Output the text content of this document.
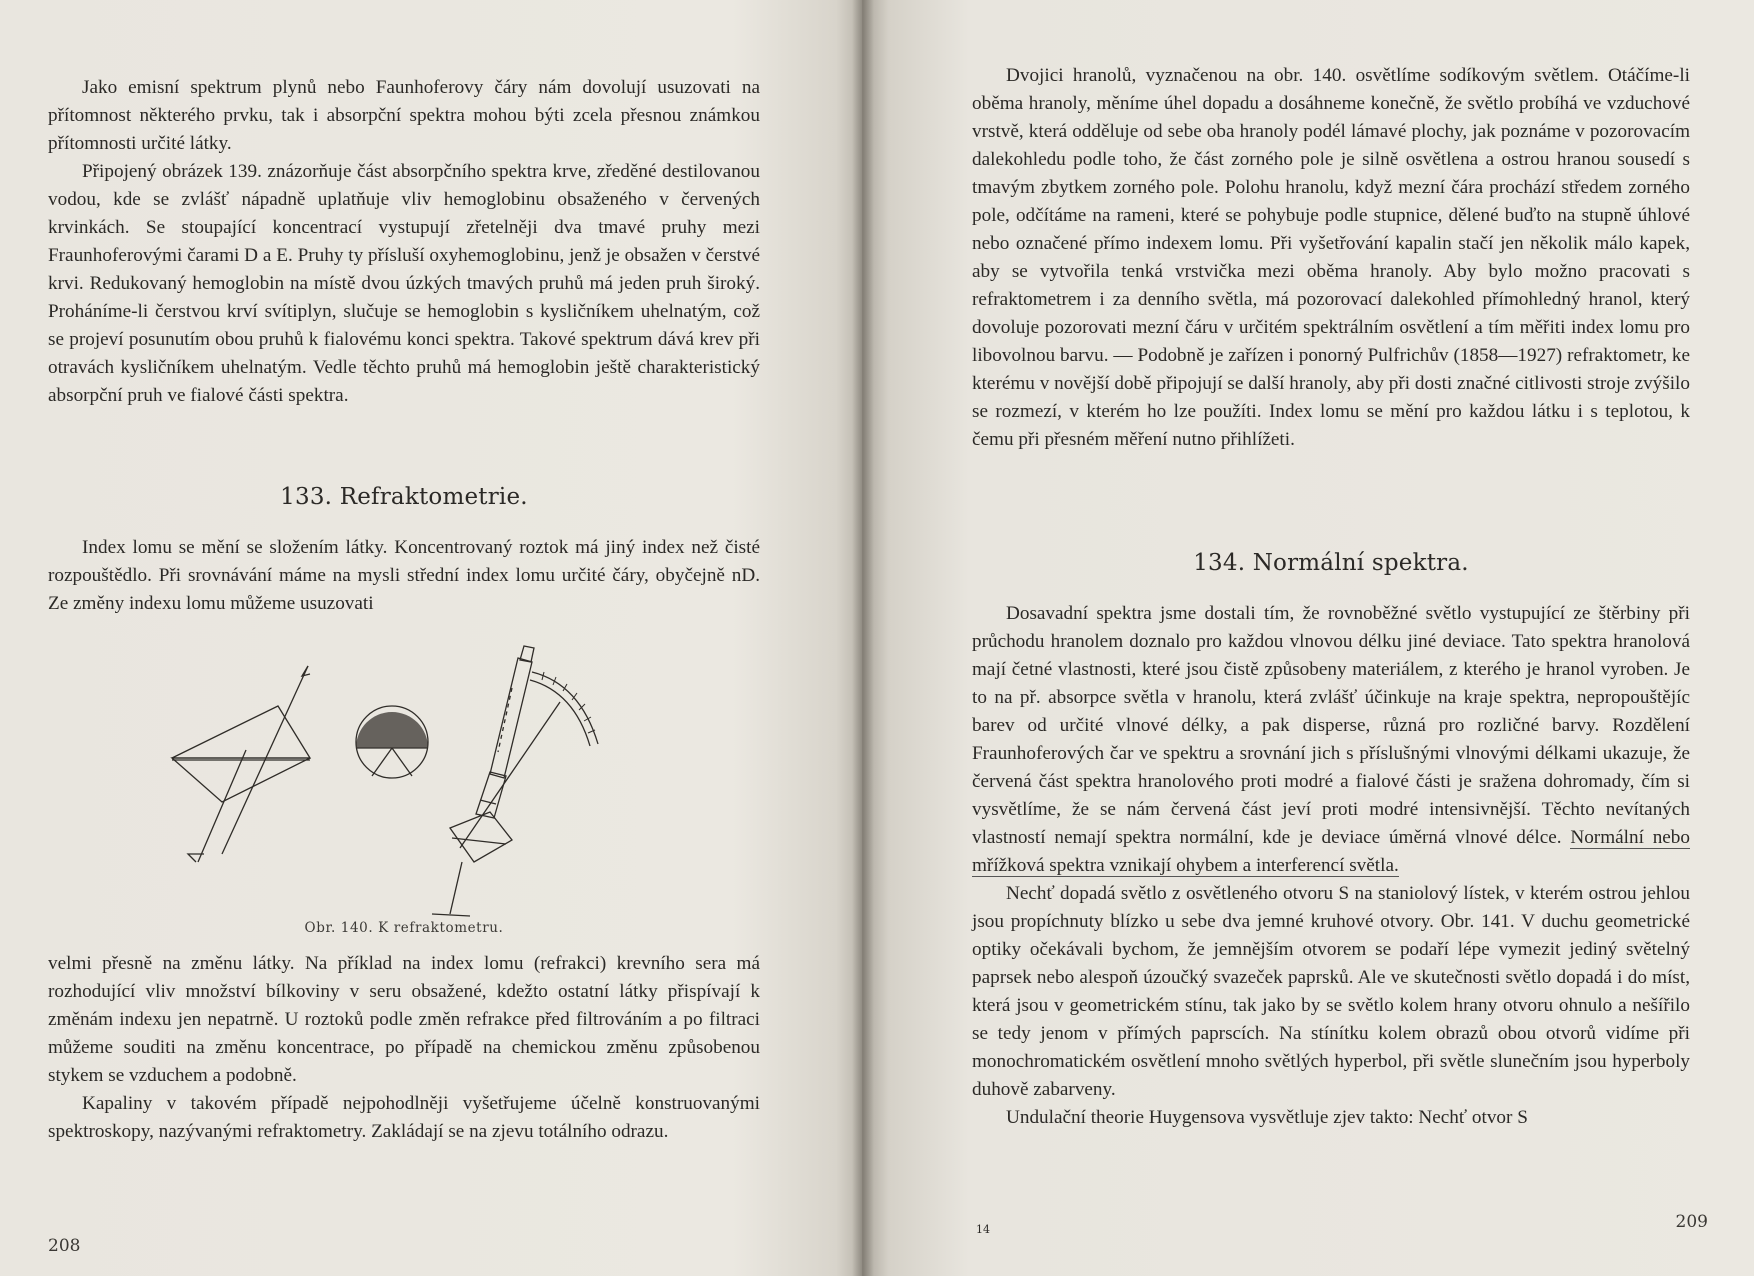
Jako emisní spektrum plynů nebo Faunhoferovy čáry nám dovolují usuzovati na přítomnost některého prvku, tak i absorpční spektra mohou býti zcela přesnou známkou přítomnosti určité látky.

Připojený obrázek 139. znázorňuje část absorpčního spektra krve, zředěné destilovanou vodou, kde se zvlášť nápadně uplatňuje vliv hemoglobinu obsaženého v červených krvinkách. Se stoupající koncentrací vystupují zřetelněji dva tmavé pruhy mezi Fraunhoferovými čarami D a E. Pruhy ty přísluší oxyhemoglobinu, jenž je obsažen v čerstvé krvi. Redukovaný hemoglobin na místě dvou úzkých tmavých pruhů má jeden pruh široký. Proháníme-li čerstvou krví svítiplyn, slučuje se hemoglobin s kysličníkem uhelnatým, což se projeví posunutím obou pruhů k fialovému konci spektra. Takové spektrum dává krev při otravách kysličníkem uhelnatým. Vedle těchto pruhů má hemoglobin ještě charakteristický absorpční pruh ve fialové části spektra.

133. Refraktometrie.

Index lomu se mění se složením látky. Koncentrovaný roztok má jiný index než čisté rozpouštědlo. Při srovnávání máme na mysli střední index lomu určité čáry, obyčejně nD. Ze změny indexu lomu můžeme usuzovati

Obr. 140. K refraktometru.

velmi přesně na změnu látky. Na příklad na index lomu (refrakci) krevního sera má rozhodující vliv množství bílkoviny v seru obsažené, kdežto ostatní látky přispívají k změnám indexu jen nepatrně. U roztoků podle změn refrakce před filtrováním a po filtraci můžeme souditi na změnu koncentrace, po případě na chemickou změnu způsobenou stykem se vzduchem a podobně.

Kapaliny v takovém případě nejpohodlněji vyšetřujeme účelně konstruovanými spektroskopy, nazývanými refraktometry. Zakládají se na zjevu totálního odrazu.

208

Dvojici hranolů, vyznačenou na obr. 140. osvětlíme sodíkovým světlem. Otáčíme-li oběma hranoly, měníme úhel dopadu a dosáhneme konečně, že světlo probíhá ve vzduchové vrstvě, která odděluje od sebe oba hranoly podél lámavé plochy, jak poznáme v pozorovacím dalekohledu podle toho, že část zorného pole je silně osvětlena a ostrou hranou sousedí s tmavým zbytkem zorného pole. Polohu hranolu, když mezní čára prochází středem zorného pole, odčítáme na rameni, které se pohybuje podle stupnice, dělené buďto na stupně úhlové nebo označené přímo indexem lomu. Při vyšetřování kapalin stačí jen několik málo kapek, aby se vytvořila tenká vrstvička mezi oběma hranoly. Aby bylo možno pracovati s refraktometrem i za denního světla, má pozorovací dalekohled přímohledný hranol, který dovoluje pozorovati mezní čáru v určitém spektrálním osvětlení a tím měřiti index lomu pro libovolnou barvu. — Podobně je zařízen i ponorný Pulfrichův (1858—1927) refraktometr, ke kterému v novější době připojují se další hranoly, aby při dosti značné citlivosti stroje zvýšilo se rozmezí, v kterém ho lze použíti. Index lomu se mění pro každou látku i s teplotou, k čemu při přesném měření nutno přihlížeti.

134. Normální spektra.

Dosavadní spektra jsme dostali tím, že rovnoběžné světlo vystupující ze štěrbiny při průchodu hranolem doznalo pro každou vlnovou délku jiné deviace. Tato spektra hranolová mají četné vlastnosti, které jsou čistě způsobeny materiálem, z kterého je hranol vyroben. Je to na př. absorpce světla v hranolu, která zvlášť účinkuje na kraje spektra, nepropouštějíc barev od určité vlnové délky, a pak disperse, různá pro rozličné barvy. Rozdělení Fraunhoferových čar ve spektru a srovnání jich s příslušnými vlnovými délkami ukazuje, že červená část spektra hranolového proti modré a fialové části je sražena dohromady, čím si vysvětlíme, že se nám červená část jeví proti modré intensivnější. Těchto nevítaných vlastností nemají spektra normální, kde je deviace úměrná vlnové délce. Normální nebo mřížková spektra vznikají ohybem a interferencí světla.

Nechť dopadá světlo z osvětleného otvoru S na staniolový lístek, v kterém ostrou jehlou jsou propíchnuty blízko u sebe dva jemné kruhové otvory. Obr. 141. V duchu geometrické optiky očekávali bychom, že jemnějším otvorem se podaří lépe vymezit jediný světelný paprsek nebo alespoň úzoučký svazeček paprsků. Ale ve skutečnosti světlo dopadá i do míst, která jsou v geometrickém stínu, tak jako by se světlo kolem hrany otvoru ohnulo a nešířilo se tedy jenom v přímých paprscích. Na stínítku kolem obrazů obou otvorů vidíme při monochromatickém osvětlení mnoho světlých hyperbol, při světle slunečním jsou hyperboly duhově zabarveny.

Undulační theorie Huygensova vysvětluje zjev takto: Nechť otvor S

14	209
